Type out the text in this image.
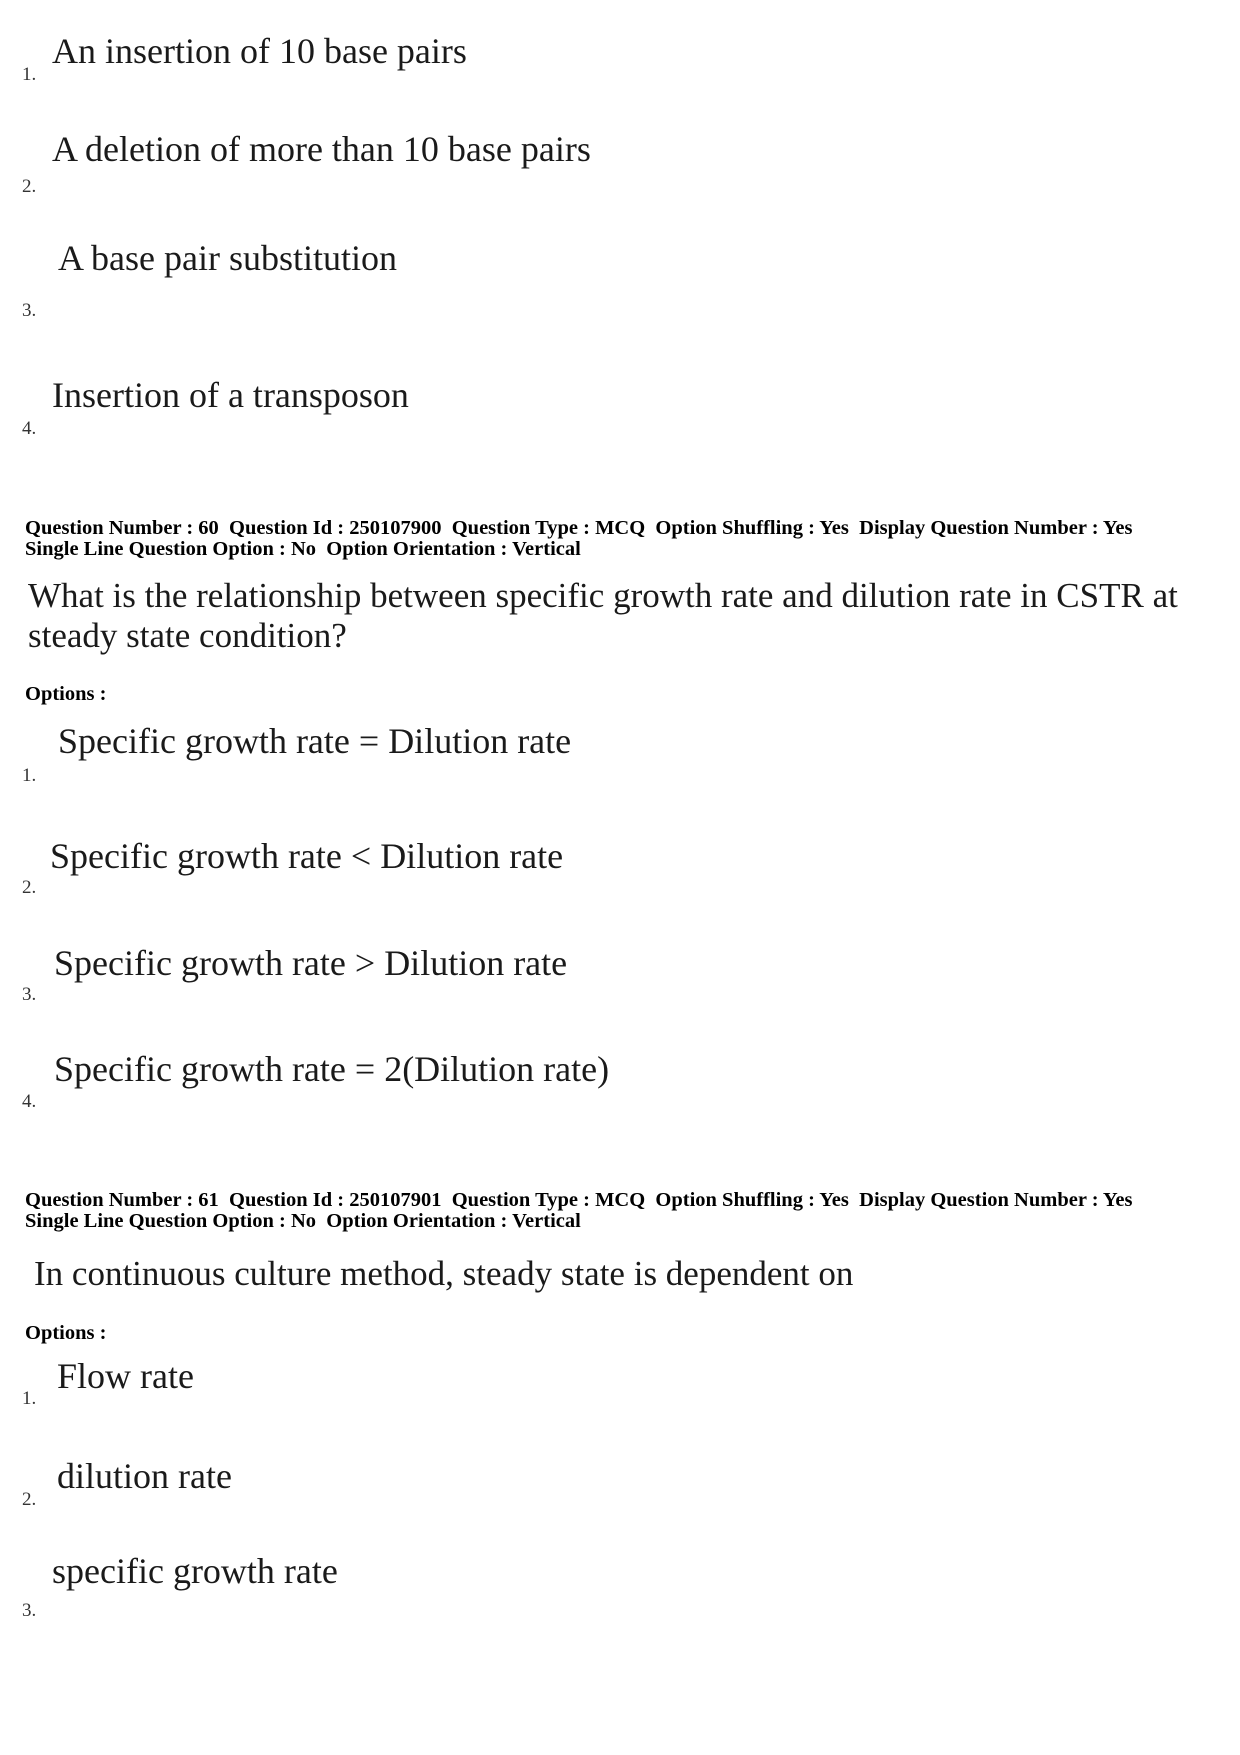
1.
An insertion of 10 base pairs
2.
A deletion of more than 10 base pairs
3.
A base pair substitution
4.
Insertion of a transposon
Question Number : 60  Question Id : 250107900  Question Type : MCQ  Option Shuffling : Yes  Display Question Number : Yes
Single Line Question Option : No  Option Orientation : Vertical
What is the relationship between specific growth rate and dilution rate in CSTR at
steady state condition?
Options :
1.
Specific growth rate = Dilution rate
2.
Specific growth rate < Dilution rate
3.
Specific growth rate > Dilution rate
4.
Specific growth rate = 2(Dilution rate)
Question Number : 61  Question Id : 250107901  Question Type : MCQ  Option Shuffling : Yes  Display Question Number : Yes
Single Line Question Option : No  Option Orientation : Vertical
In continuous culture method, steady state is dependent on
Options :
1.
Flow rate
2.
dilution rate
3.
specific growth rate
